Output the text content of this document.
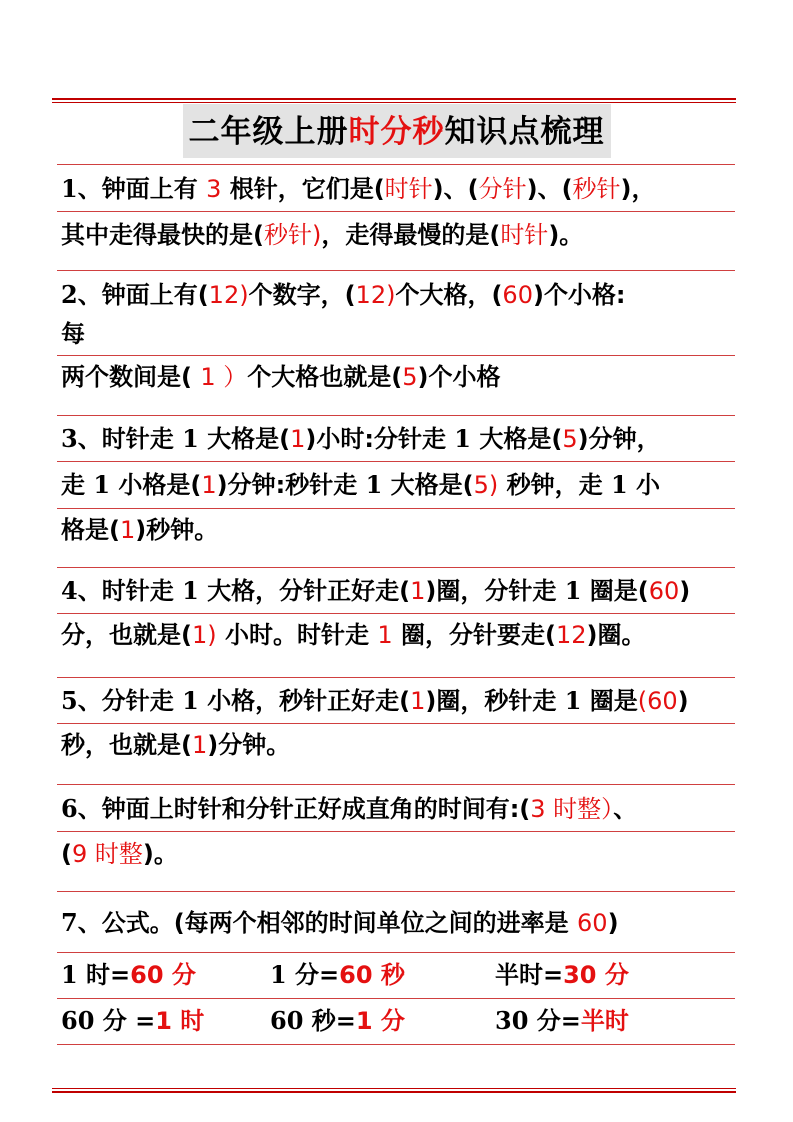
二年级上册时分秒知识点梳理
1、钟面上有 3 根针，它们是(时针)、(分针)、(秒针)，
其中走得最快的是(秒针)，走得最慢的是(时针)。
2、钟面上有(12)个数字，(12)个大格，(60)个小格:
每
两个数间是( 1 ）个大格也就是(5)个小格
3、时针走 1 大格是(1)小时:分针走 1 大格是(5)分钟，
走 1 小格是(1)分钟:秒针走 1 大格是(5) 秒钟，走 1 小
格是(1)秒钟。
4、时针走 1 大格，分针正好走(1)圈，分针走 1 圈是(60)
分，也就是(1) 小时。时针走 1 圈，分针要走(12)圈。
5、分针走 1 小格，秒针正好走(1)圈，秒针走 1 圈是(60)
秒，也就是(1)分钟。
6、钟面上时针和分针正好成直角的时间有:(3 时整）、
(9 时整)。
7、公式。(每两个相邻的时间单位之间的进率是 60)
1 时=60 分	1 分=60 秒	半时=30 分
60 分 =1 时	60 秒=1 分	30 分=半时
